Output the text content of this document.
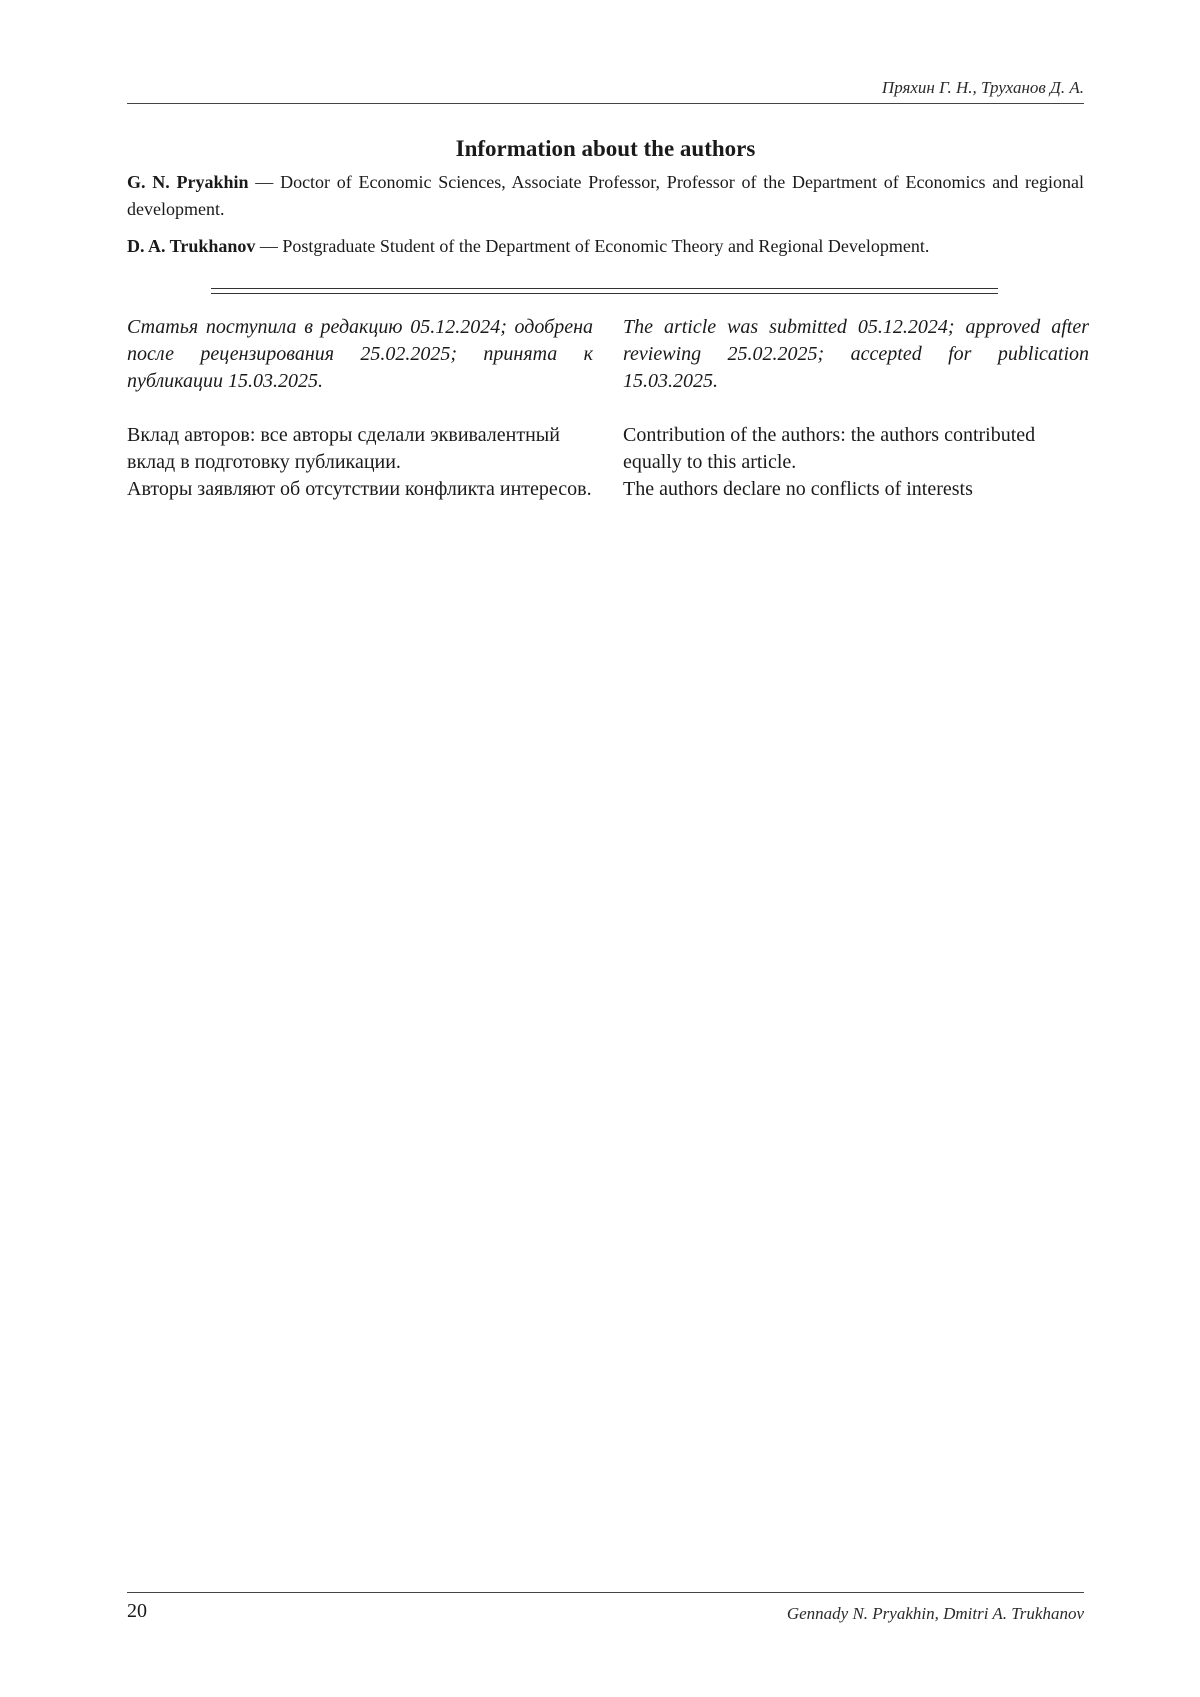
Пряхин Г. Н., Труханов Д. А.
Information about the authors

G. N. Pryakhin — Doctor of Economic Sciences, Associate Professor, Professor of the Department of Economics and regional development.

D. A. Trukhanov — Postgraduate Student of the Department of Economic Theory and Regional Development.

Статья поступила в редакцию 05.12.2024; одобрена после рецензирования 25.02.2025; принята к публикации 15.03.2025.

The article was submitted 05.12.2024; approved after reviewing 25.02.2025; accepted for publication 15.03.2025.

Вклад авторов: все авторы сделали эквивалентный вклад в подготовку публикации.

Авторы заявляют об отсутствии конфликта интересов.

Contribution of the authors: the authors contributed equally to this article.

The authors declare no conflicts of interests

20	Gennady N. Pryakhin, Dmitri A. Trukhanov
